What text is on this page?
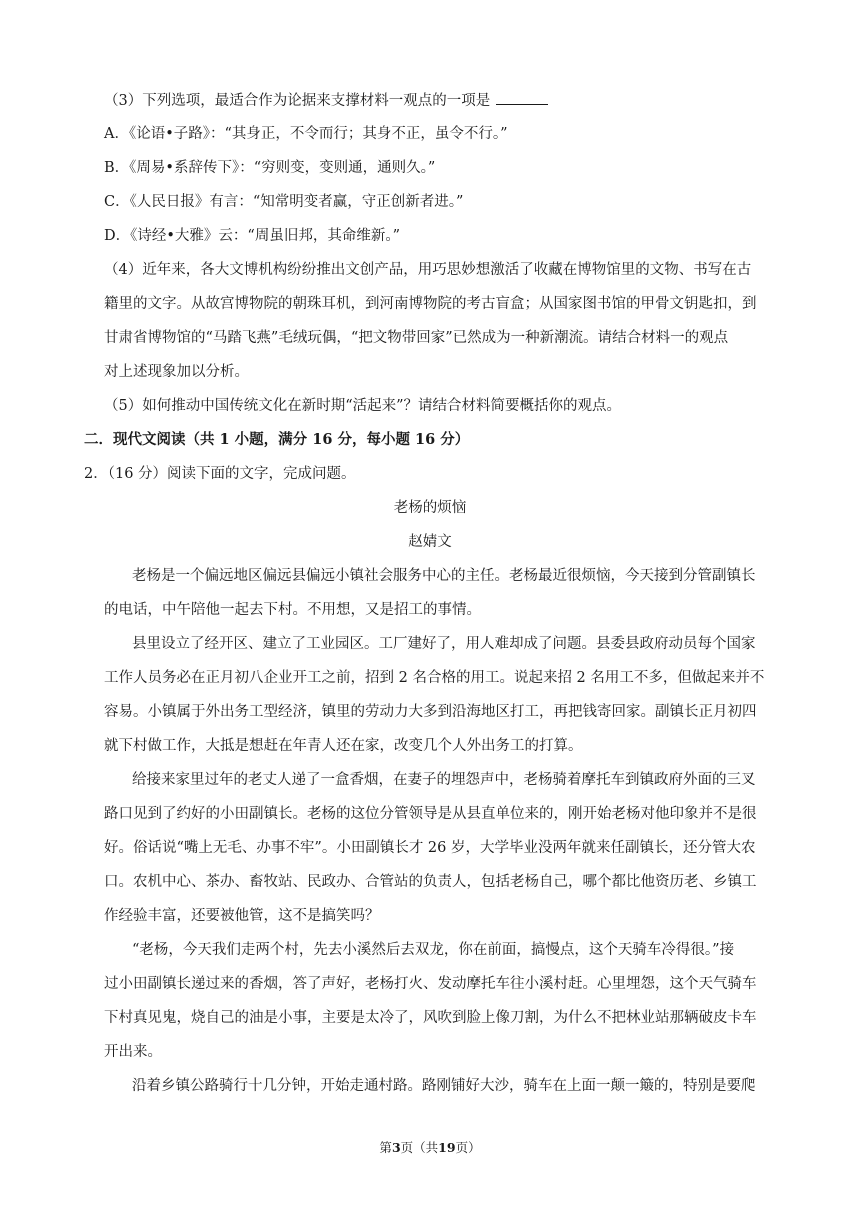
（3）下列选项，最适合作为论据来支撑材料一观点的一项是
A．《论语•子路》：“其身正，不令而行；其身不正，虽令不行。”
B．《周易•系辞传下》：“穷则变，变则通，通则久。”
C．《人民日报》有言：“知常明变者赢，守正创新者进。”
D．《诗经•大雅》云：“周虽旧邦，其命维新。”
（4）近年来，各大文博机构纷纷推出文创产品，用巧思妙想激活了收藏在博物馆里的文物、书写在古
籍里的文字。从故宫博物院的朝珠耳机，到河南博物院的考古盲盒；从国家图书馆的甲骨文钥匙扣，到
甘肃省博物馆的“马踏飞燕”毛绒玩偶，“把文物带回家”已然成为一种新潮流。请结合材料一的观点
对上述现象加以分析。
（5）如何推动中国传统文化在新时期“活起来”？请结合材料简要概括你的观点。
二．现代文阅读（共 1 小题，满分 16 分，每小题 16 分）
2．（16 分）阅读下面的文字，完成问题。
老杨的烦恼
赵婧文
老杨是一个偏远地区偏远县偏远小镇社会服务中心的主任。老杨最近很烦恼，今天接到分管副镇长
的电话，中午陪他一起去下村。不用想，又是招工的事情。
县里设立了经开区、建立了工业园区。工厂建好了，用人难却成了问题。县委县政府动员每个国家
工作人员务必在正月初八企业开工之前，招到 2 名合格的用工。说起来招 2 名用工不多，但做起来并不
容易。小镇属于外出务工型经济，镇里的劳动力大多到沿海地区打工，再把钱寄回家。副镇长正月初四
就下村做工作，大抵是想赶在年青人还在家，改变几个人外出务工的打算。
给接来家里过年的老丈人递了一盒香烟，在妻子的埋怨声中，老杨骑着摩托车到镇政府外面的三叉
路口见到了约好的小田副镇长。老杨的这位分管领导是从县直单位来的，刚开始老杨对他印象并不是很
好。俗话说“嘴上无毛、办事不牢”。小田副镇长才 26 岁，大学毕业没两年就来任副镇长，还分管大农
口。农机中心、茶办、畜牧站、民政办、合管站的负责人，包括老杨自己，哪个都比他资历老、乡镇工
作经验丰富，还要被他管，这不是搞笑吗？
“老杨，今天我们走两个村，先去小溪然后去双龙，你在前面，搞慢点，这个天骑车冷得很。”接
过小田副镇长递过来的香烟，答了声好，老杨打火、发动摩托车往小溪村赶。心里埋怨，这个天气骑车
下村真见鬼，烧自己的油是小事，主要是太冷了，风吹到脸上像刀割，为什么不把林业站那辆破皮卡车
开出来。
沿着乡镇公路骑行十几分钟，开始走通村路。路刚铺好大沙，骑车在上面一颠一簸的，特别是要爬
第3页（共19页）
